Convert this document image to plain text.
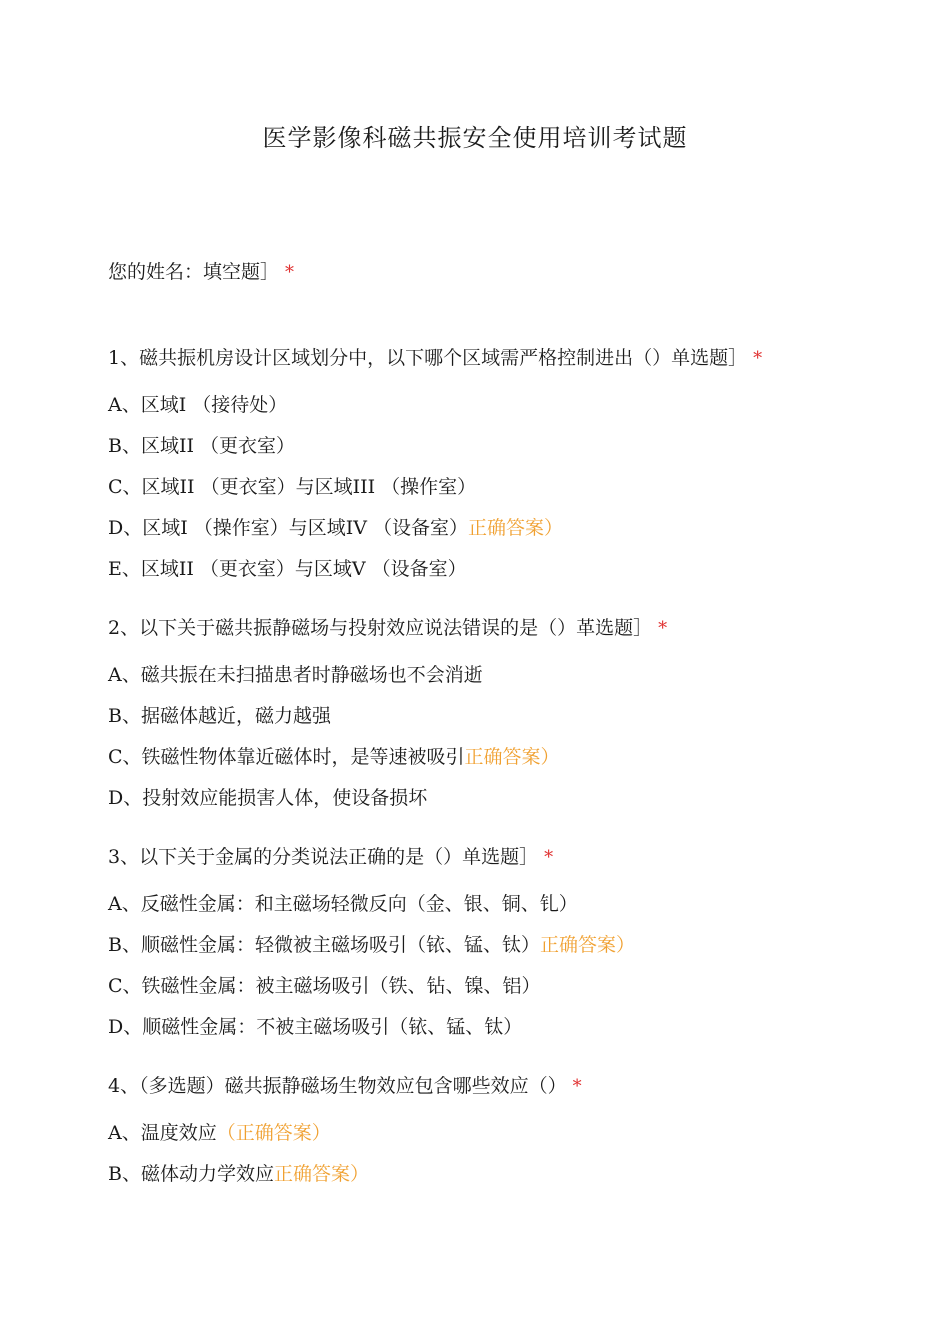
医学影像科磁共振安全使用培训考试题
您的姓名：填空题］ *
1、磁共振机房设计区域划分中，以下哪个区域需严格控制进出（）单选题］ *
A、区域I （接待处）
B、区域II （更衣室）
C、区域II （更衣室）与区域III （操作室）
D、区域I （操作室）与区域IV （设备室）正确答案）
E、区域II （更衣室）与区域V （设备室）
2、以下关于磁共振静磁场与投射效应说法错误的是（）革选题］ *
A、磁共振在未扫描患者时静磁场也不会消逝
B、据磁体越近，磁力越强
C、铁磁性物体靠近磁体时，是等速被吸引正确答案）
D、投射效应能损害人体，使设备损坏
3、以下关于金属的分类说法正确的是（）单选题］ *
A、反磁性金属：和主磁场轻微反向（金、银、铜、钆）
B、顺磁性金属：轻微被主磁场吸引（铱、锰、钛）正确答案）
C、铁磁性金属：被主磁场吸引（铁、钻、镍、铝）
D、顺磁性金属：不被主磁场吸引（铱、锰、钛）
4、（多选题）磁共振静磁场生物效应包含哪些效应（） *
A、温度效应（正确答案）
B、磁体动力学效应正确答案）
